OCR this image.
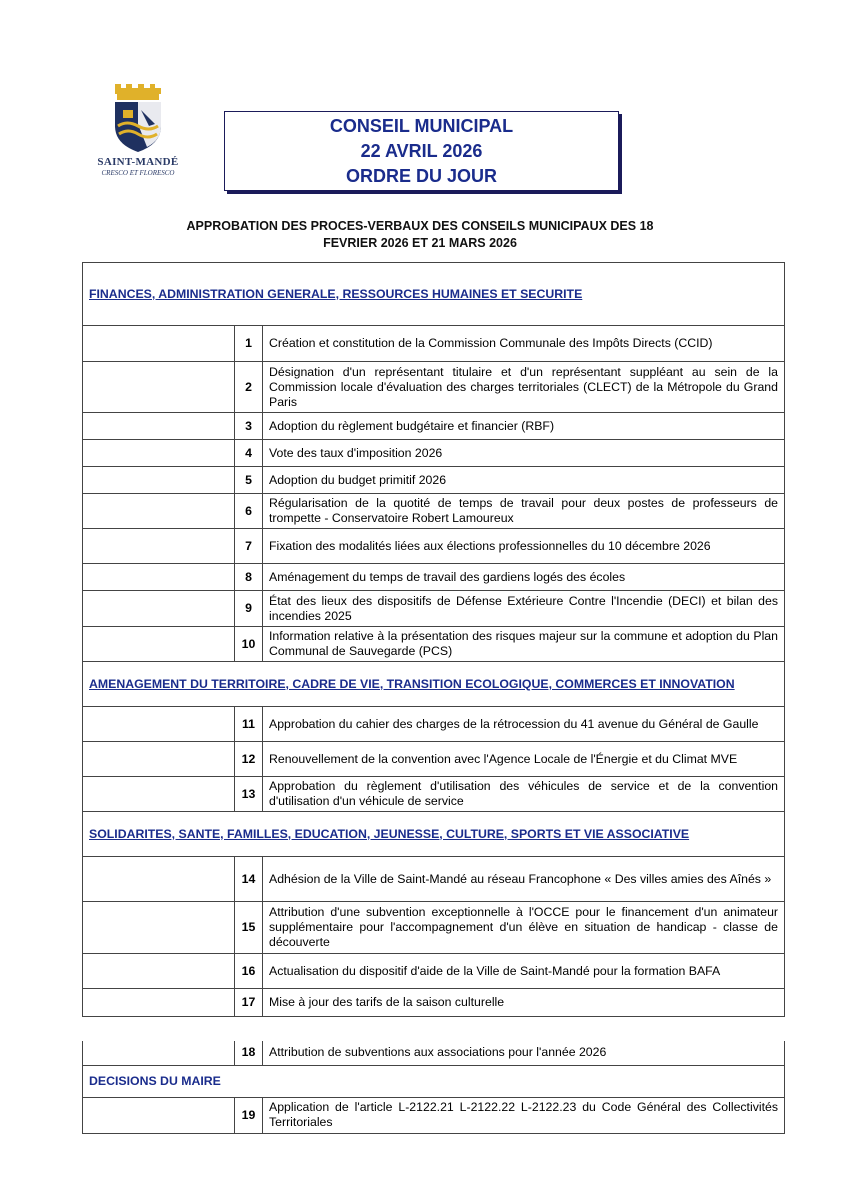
SAINT-MANDÉ
CRESCO ET FLORESCO
CONSEIL MUNICIPAL
22 AVRIL 2026
ORDRE DU JOUR
APPROBATION DES PROCES-VERBAUX DES CONSEILS MUNICIPAUX DES 18
FEVRIER 2026 ET 21 MARS 2026
FINANCES, ADMINISTRATION GENERALE, RESSOURCES HUMAINES ET SECURITE		
	1	Création et constitution de la Commission Communale des Impôts Directs (CCID)
	2	Désignation d'un représentant titulaire et d'un représentant suppléant au sein de la Commission locale d'évaluation des charges territoriales (CLECT) de la Métropole du Grand Paris
	3	Adoption du règlement budgétaire et financier (RBF)
	4	Vote des taux d'imposition 2026
	5	Adoption du budget primitif 2026
	6	Régularisation de la quotité de temps de travail pour deux postes de professeurs de trompette - Conservatoire Robert Lamoureux
	7	Fixation des modalités liées aux élections professionnelles du 10 décembre 2026
	8	Aménagement du temps de travail des gardiens logés des écoles
	9	État des lieux des dispositifs de Défense Extérieure Contre l'Incendie (DECI) et bilan des incendies 2025
	10	Information relative à la présentation des risques majeur sur la commune et adoption du Plan Communal de Sauvegarde (PCS)
AMENAGEMENT DU TERRITOIRE, CADRE DE VIE, TRANSITION ECOLOGIQUE, COMMERCES ET INNOVATION		
	11	Approbation du cahier des charges de la rétrocession du 41 avenue du Général de Gaulle
	12	Renouvellement de la convention avec l'Agence Locale de l'Énergie et du Climat MVE
	13	Approbation du règlement d'utilisation des véhicules de service et de la convention d'utilisation d'un véhicule de service
SOLIDARITES, SANTE, FAMILLES, EDUCATION, JEUNESSE, CULTURE, SPORTS ET VIE ASSOCIATIVE		
	14	Adhésion de la Ville de Saint-Mandé au réseau Francophone « Des villes amies des Aînés »
	15	Attribution d'une subvention exceptionnelle à l'OCCE pour le financement d'un animateur supplémentaire pour l'accompagnement d'un élève en situation de handicap - classe de découverte
	16	Actualisation du dispositif d'aide de la Ville de Saint-Mandé pour la formation BAFA
	17	Mise à jour des tarifs de la saison culturelle
	18	Attribution de subventions aux associations pour l'année 2026
DECISIONS DU MAIRE		
	19	Application de l'article L-2122.21 L-2122.22 L-2122.23 du Code Général des Collectivités Territoriales
